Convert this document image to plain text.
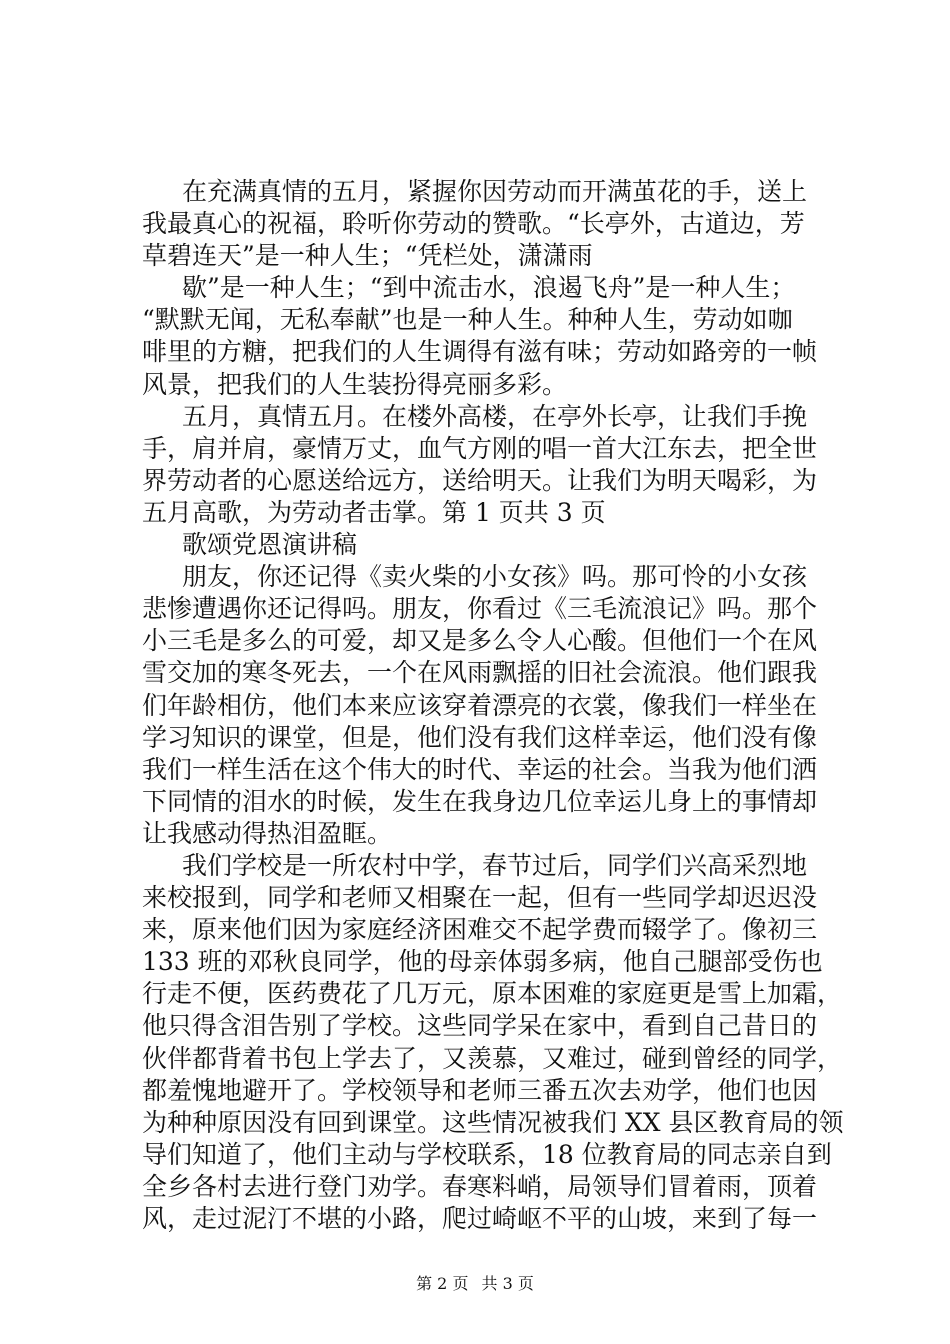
在充满真情的五月，紧握你因劳动而开满茧花的手，送上
我最真心的祝福，聆听你劳动的赞歌。“长亭外，古道边，芳
草碧连天”是一种人生；“凭栏处，潇潇雨
歇”是一种人生；“到中流击水，浪遏飞舟”是一种人生；
“默默无闻，无私奉献”也是一种人生。种种人生，劳动如咖
啡里的方糖，把我们的人生调得有滋有味；劳动如路旁的一帧
风景，把我们的人生装扮得亮丽多彩。
五月，真情五月。在楼外高楼，在亭外长亭，让我们手挽
手，肩并肩，豪情万丈，血气方刚的唱一首大江东去，把全世
界劳动者的心愿送给远方，送给明天。让我们为明天喝彩，为
五月高歌，为劳动者击掌。第 1 页共 3 页
歌颂党恩演讲稿
朋友，你还记得《卖火柴的小女孩》吗。那可怜的小女孩
悲惨遭遇你还记得吗。朋友，你看过《三毛流浪记》吗。那个
小三毛是多么的可爱，却又是多么令人心酸。但他们一个在风
雪交加的寒冬死去，一个在风雨飘摇的旧社会流浪。他们跟我
们年龄相仿，他们本来应该穿着漂亮的衣裳，像我们一样坐在
学习知识的课堂，但是，他们没有我们这样幸运，他们没有像
我们一样生活在这个伟大的时代、幸运的社会。当我为他们洒
下同情的泪水的时候，发生在我身边几位幸运儿身上的事情却
让我感动得热泪盈眶。
我们学校是一所农村中学，春节过后，同学们兴高采烈地
来校报到，同学和老师又相聚在一起，但有一些同学却迟迟没
来，原来他们因为家庭经济困难交不起学费而辍学了。像初三
133 班的邓秋良同学，他的母亲体弱多病，他自己腿部受伤也
行走不便，医药费花了几万元，原本困难的家庭更是雪上加霜，
他只得含泪告别了学校。这些同学呆在家中，看到自己昔日的
伙伴都背着书包上学去了，又羡慕，又难过，碰到曾经的同学，
都羞愧地避开了。学校领导和老师三番五次去劝学，他们也因
为种种原因没有回到课堂。这些情况被我们 XX 县区教育局的领
导们知道了，他们主动与学校联系，18 位教育局的同志亲自到
全乡各村去进行登门劝学。春寒料峭，局领导们冒着雨，顶着
风，走过泥汀不堪的小路，爬过崎岖不平的山坡，来到了每一
第 2 页 共 3 页
